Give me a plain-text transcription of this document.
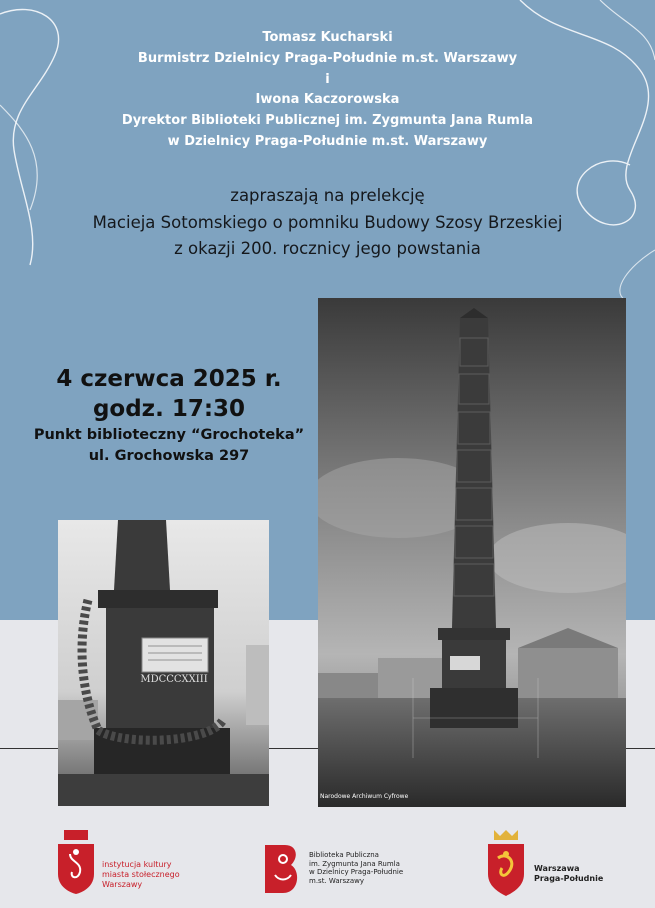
Tomasz Kucharski
Burmistrz Dzielnicy Praga-Południe m.st. Warszawy
i
Iwona Kaczorowska
Dyrektor Biblioteki Publicznej im. Zygmunta Jana Rumla
w Dzielnicy Praga-Południe m.st. Warszawy
zapraszają na prelekcję
Macieja Sotomskiego o pomniku Budowy Szosy Brzeskiej
z okazji 200. rocznicy jego powstania
4 czerwca 2025 r.
godz. 17:30
Punkt biblioteczny “Grochoteka”
ul. Grochowska 297
Narodowe Archiwum Cyfrowe
MDCCCXXIII
instytucja kultury
miasta stołecznego
Warszawy
Biblioteka Publiczna
im. Zygmunta Jana Rumla
w Dzielnicy Praga-Południe
m.st. Warszawy
Warszawa
Praga-Południe
